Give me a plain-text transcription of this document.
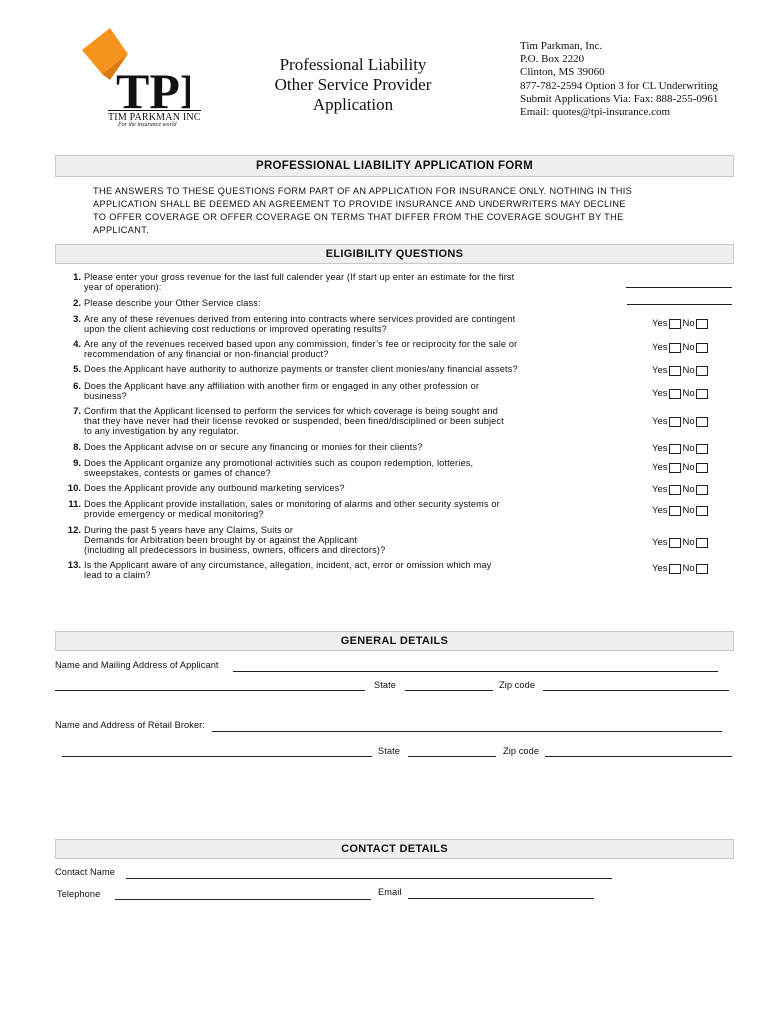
TPI
TIM PARKMAN INC
For the insurance world
Professional Liability
Other Service Provider
Application
Tim Parkman, Inc.
P.O. Box 2220
Clinton, MS 39060
877-782-2594 Option 3 for CL Underwriting
Submit Applications Via: Fax: 888-255-0961
Email: quotes@tpi-insurance.com
PROFESSIONAL LIABILITY APPLICATION FORM
THE ANSWERS TO THESE QUESTIONS FORM PART OF AN APPLICATION FOR INSURANCE ONLY. NOTHING IN THIS
APPLICATION SHALL BE DEEMED AN AGREEMENT TO PROVIDE INSURANCE AND UNDERWRITERS MAY DECLINE
TO OFFER COVERAGE OR OFFER COVERAGE ON TERMS THAT DIFFER FROM THE COVERAGE SOUGHT BY THE
APPLICANT.
ELIGIBILITY QUESTIONS
1. Please enter your gross revenue for the last full calender year (If start up enter an estimate for the first
year of operation):
2. Please describe your Other Service class:
3. Are any of these revenues derived from entering into contracts where services provided are contingent
upon the client achieving cost reductions or improved operating results?	Yes No
4. Are any of the revenues received based upon any commission, finder’s fee or reciprocity for the sale or
recommendation of any financial or non-financial product?
Yes No
5. Does the Applicant have authority to authorize payments or transfer client monies/any financial assets?	Yes No
6. Does the Applicant have any affiliation with another firm or engaged in any other profession or
business?	Yes No
7. Confirm that the Applicant licensed to perform the services for which coverage is being sought and
that they have never had their license revoked or suspended, been fined/disciplined or been subject
to any investigation by any regulator.
Yes No
8. Does the Applicant advise on or secure any financing or monies for their clients?	Yes No
9. Does the Applicant organize any promotional activities such as coupon redemption, lotteries,
sweepstakes, contests or games of chance?	Yes No
10. Does the Applicant provide any outbound marketing services?	Yes No
11. Does the Applicant provide installation, sales or monitoring of alarms and other security systems or
provide emergency or medical monitoring?	Yes No
12. During the past 5 years have any Claims, Suits or
Demands for Arbitration been brought by or against the Applicant
(including all predecessors in business, owners, officers and directors)?
Yes No
13. Is the Applicant aware of any circumstance, allegation, incident, act, error or omission which may
lead to a claim?
Yes No
GENERAL DETAILS
Name and Mailing Address of Applicant
State	Zip code
Name and Address of Retail Broker:
State	Zip code
CONTACT DETAILS
Contact Name
Telephone	Email
